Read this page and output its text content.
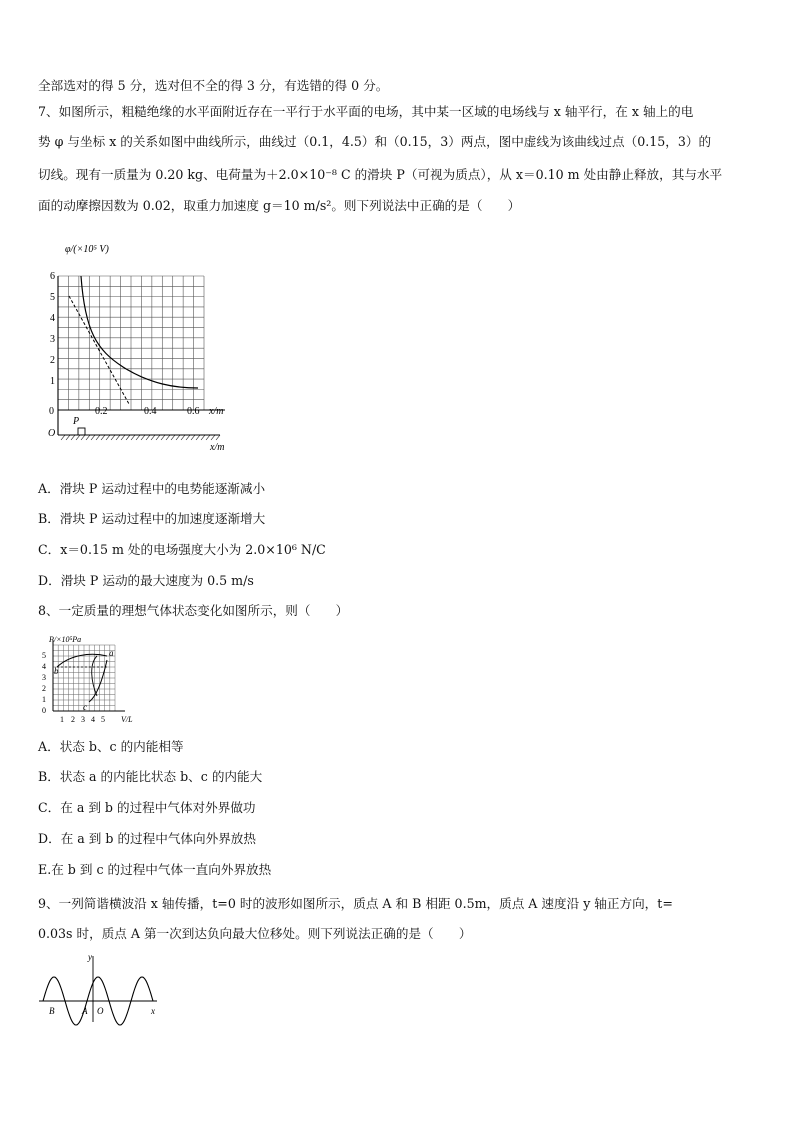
全部选对的得 5 分，选对但不全的得 3 分，有选错的得 0 分。
7、如图所示，粗糙绝缘的水平面附近存在一平行于水平面的电场，其中某一区域的电场线与 x 轴平行，在 x 轴上的电
势 φ 与坐标 x 的关系如图中曲线所示，曲线过（0.1，4.5）和（0.15，3）两点，图中虚线为该曲线过点（0.15，3）的
切线。现有一质量为 0.20 kg、电荷量为＋2.0×10⁻⁸ C 的滑块 P（可视为质点），从 x＝0.10 m 处由静止释放，其与水平
面的动摩擦因数为 0.02，取重力加速度 g＝10 m/s²。则下列说法中正确的是（　　）
φ/(×10⁵ V)
6
5
4
3
2
1
0	0.2	0.4	0.6 x/m
P
O
x/m
A．滑块 P 运动过程中的电势能逐渐减小
B．滑块 P 运动过程中的加速度逐渐增大
C．x＝0.15 m 处的电场强度大小为 2.0×10⁶ N/C
D．滑块 P 运动的最大速度为 0.5 m/s
8、一定质量的理想气体状态变化如图所示，则（　　）
P/×10⁵Pa
5
4
3
2
1
0
1 2 3 4 5 V/L
a
b
c
A．状态 b、c 的内能相等
B．状态 a 的内能比状态 b、c 的内能大
C．在 a 到 b 的过程中气体对外界做功
D．在 a 到 b 的过程中气体向外界放热
E.在 b 到 c 的过程中气体一直向外界放热
9、一列简谐横波沿 x 轴传播，t=0 时的波形如图所示，质点 A 和 B 相距 0.5m，质点 A 速度沿 y 轴正方向，t=
0.03s 时，质点 A 第一次到达负向最大位移处。则下列说法正确的是（　　）
y
x
B	A O
